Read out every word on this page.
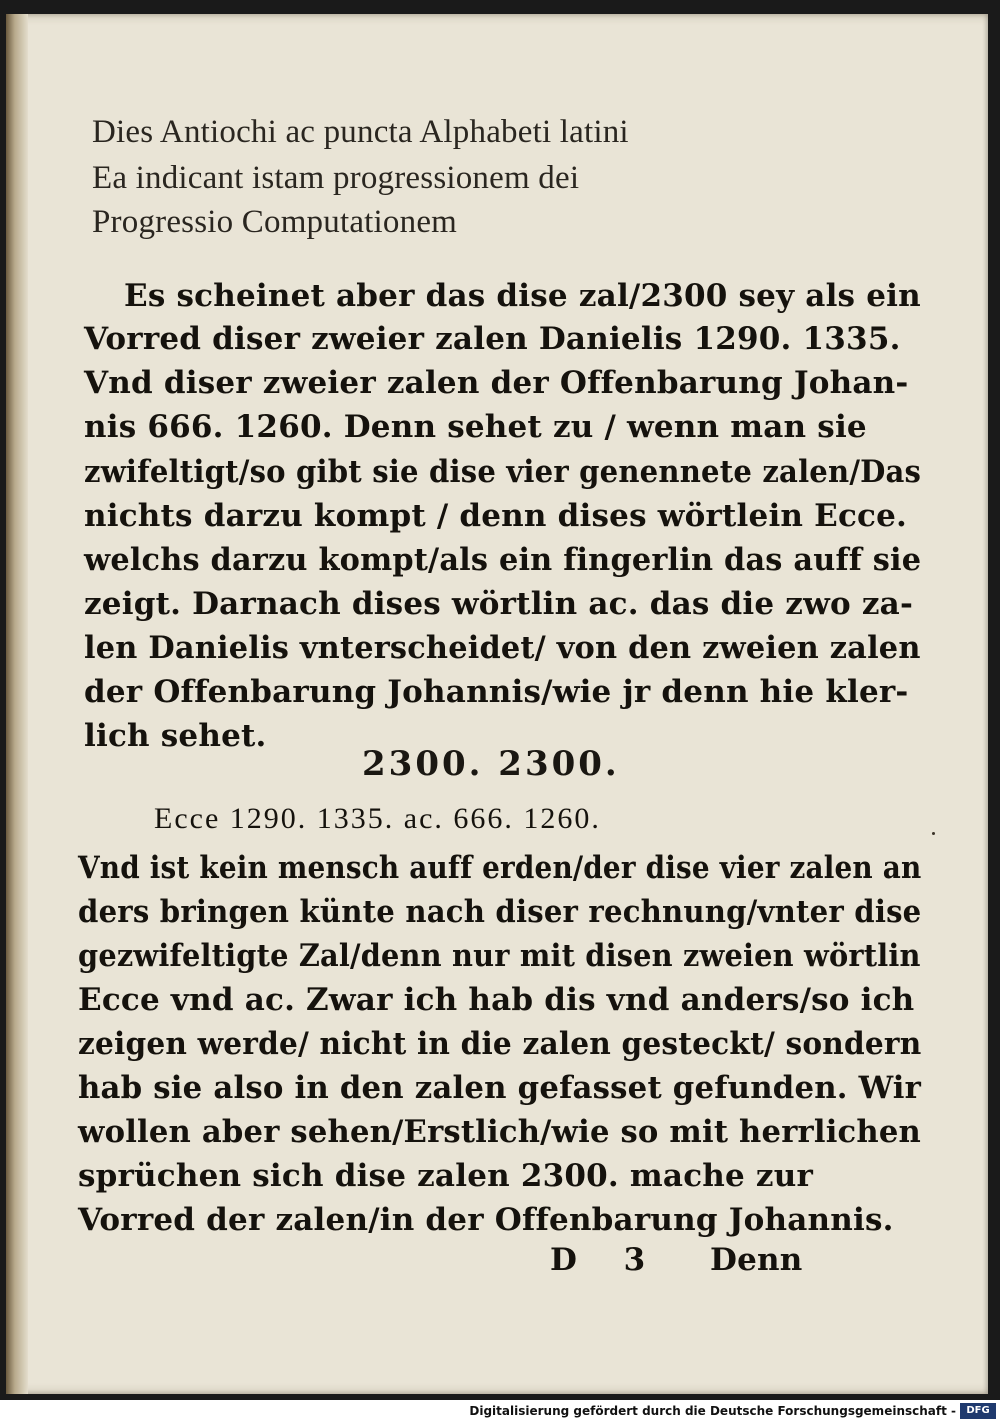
Dies Antiochi ac puncta Alphabeti latini
Ea indicant istam progressionem dei
Progressio Computationem
Es scheinet aber das dise zal/2300 sey als ein
Vorred diser zweier zalen Danielis 1290. 1335.
Vnd diser zweier zalen der Offenbarung Johan-
nis 666. 1260. Denn sehet zu / wenn man sie
zwifeltigt/so gibt sie dise vier genennete zalen/Das
nichts darzu kompt / denn dises wörtlein Ecce.
welchs darzu kompt/als ein fingerlin das auff sie
zeigt. Darnach dises wörtlin ac. das die zwo za-
len Danielis vnterscheidet/ von den zweien zalen
der Offenbarung Johannis/wie jr denn hie kler-
lich sehet.
2300. 2300.
Ecce 1290. 1335. ac. 666. 1260.
Vnd ist kein mensch auff erden/der dise vier zalen an
ders bringen künte nach diser rechnung/vnter dise
gezwifeltigte Zal/denn nur mit disen zweien wörtlin
Ecce vnd ac. Zwar ich hab dis vnd anders/so ich
zeigen werde/ nicht in die zalen gesteckt/ sondern
hab sie also in den zalen gefasset gefunden. Wir
wollen aber sehen/Erstlich/wie so mit herrlichen
sprüchen sich dise zalen 2300. mache zur
Vorred der zalen/in der Offenbarung Johannis.
D 3 Denn
Digitalisierung gefördert durch die Deutsche Forschungsgemeinschaft -	DFG
